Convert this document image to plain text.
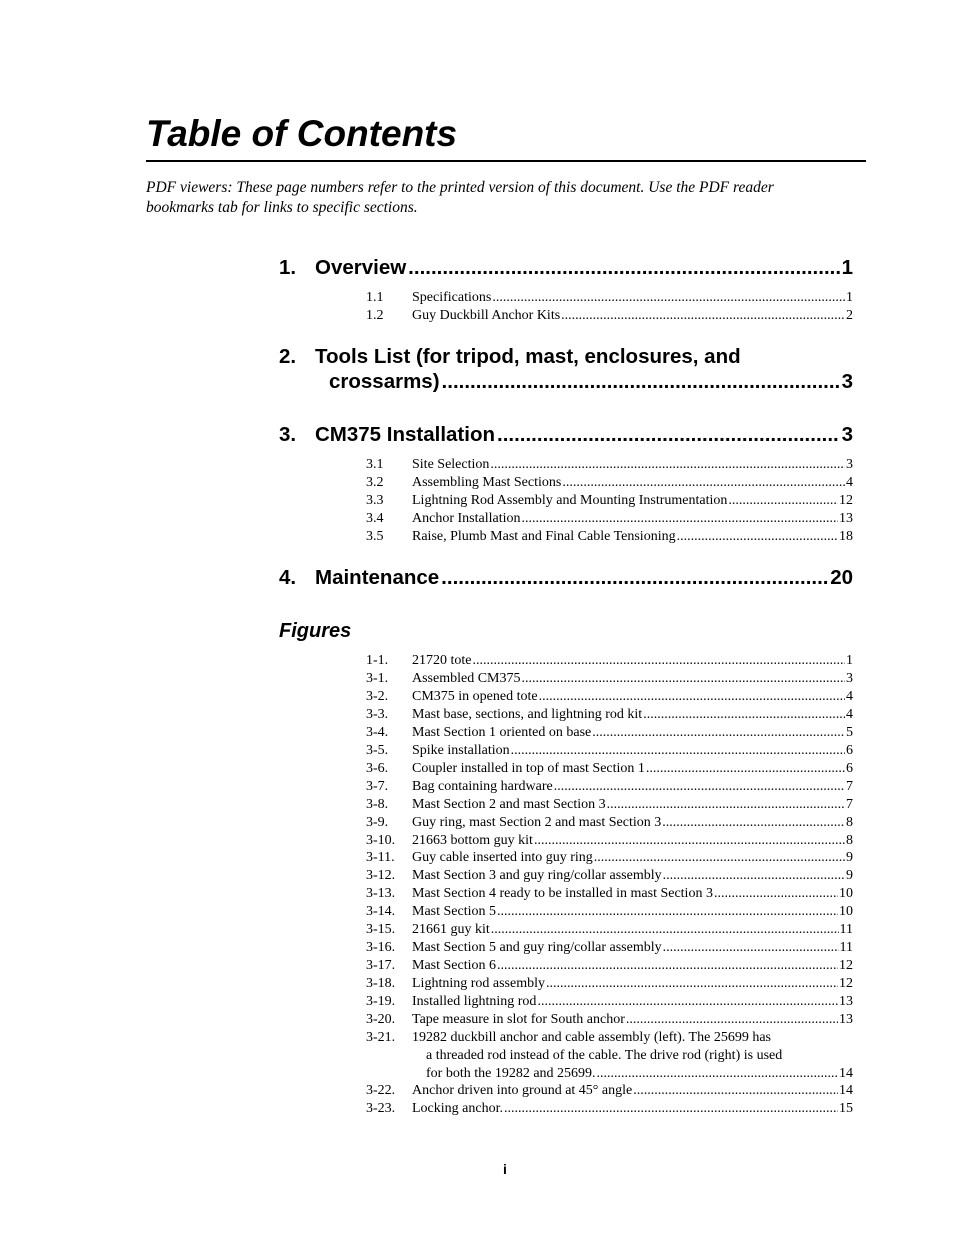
Table of Contents

PDF viewers: These page numbers refer to the printed version of this document. Use the PDF reader bookmarks tab for links to specific sections.

1. Overview .....	1
1.1	Specifications .....	1
1.2	Guy Duckbill Anchor Kits .....	2
2. Tools List (for tripod, mast, enclosures, and
crossarms) .....	3
3. CM375 Installation .....	3
3.1	Site Selection .....	3
3.2	Assembling Mast Sections .....	4
3.3	Lightning Rod Assembly and Mounting Instrumentation .....	12
3.4	Anchor Installation .....	13
3.5	Raise, Plumb Mast and Final Cable Tensioning .....	18
4. Maintenance .....	20
Figures
1-1.	21720 tote .....	1
3-1.	Assembled CM375 .....	3
3-2.	CM375 in opened tote .....	4
3-3.	Mast base, sections, and lightning rod kit .....	4
3-4.	Mast Section 1 oriented on base .....	5
3-5.	Spike installation .....	6
3-6.	Coupler installed in top of mast Section 1 .....	6
3-7.	Bag containing hardware .....	7
3-8.	Mast Section 2 and mast Section 3 .....	7
3-9.	Guy ring, mast Section 2 and mast Section 3 .....	8
3-10.	21663 bottom guy kit .....	8
3-11.	Guy cable inserted into guy ring .....	9
3-12.	Mast Section 3 and guy ring/collar assembly .....	9
3-13.	Mast Section 4 ready to be installed in mast Section 3 .....	10
3-14.	Mast Section 5 .....	10
3-15.	21661 guy kit .....	11
3-16.	Mast Section 5 and guy ring/collar assembly .....	11
3-17.	Mast Section 6 .....	12
3-18.	Lightning rod assembly .....	12
3-19.	Installed lightning rod .....	13
3-20.	Tape measure in slot for South anchor .....	13
3-21.	19282 duckbill anchor and cable assembly (left). The 25699 has
a threaded rod instead of the cable. The drive rod (right) is used
for both the 19282 and 25699. .....	14
3-22.	Anchor driven into ground at 45° angle .....	14
3-23.	Locking anchor. .....	15
i
